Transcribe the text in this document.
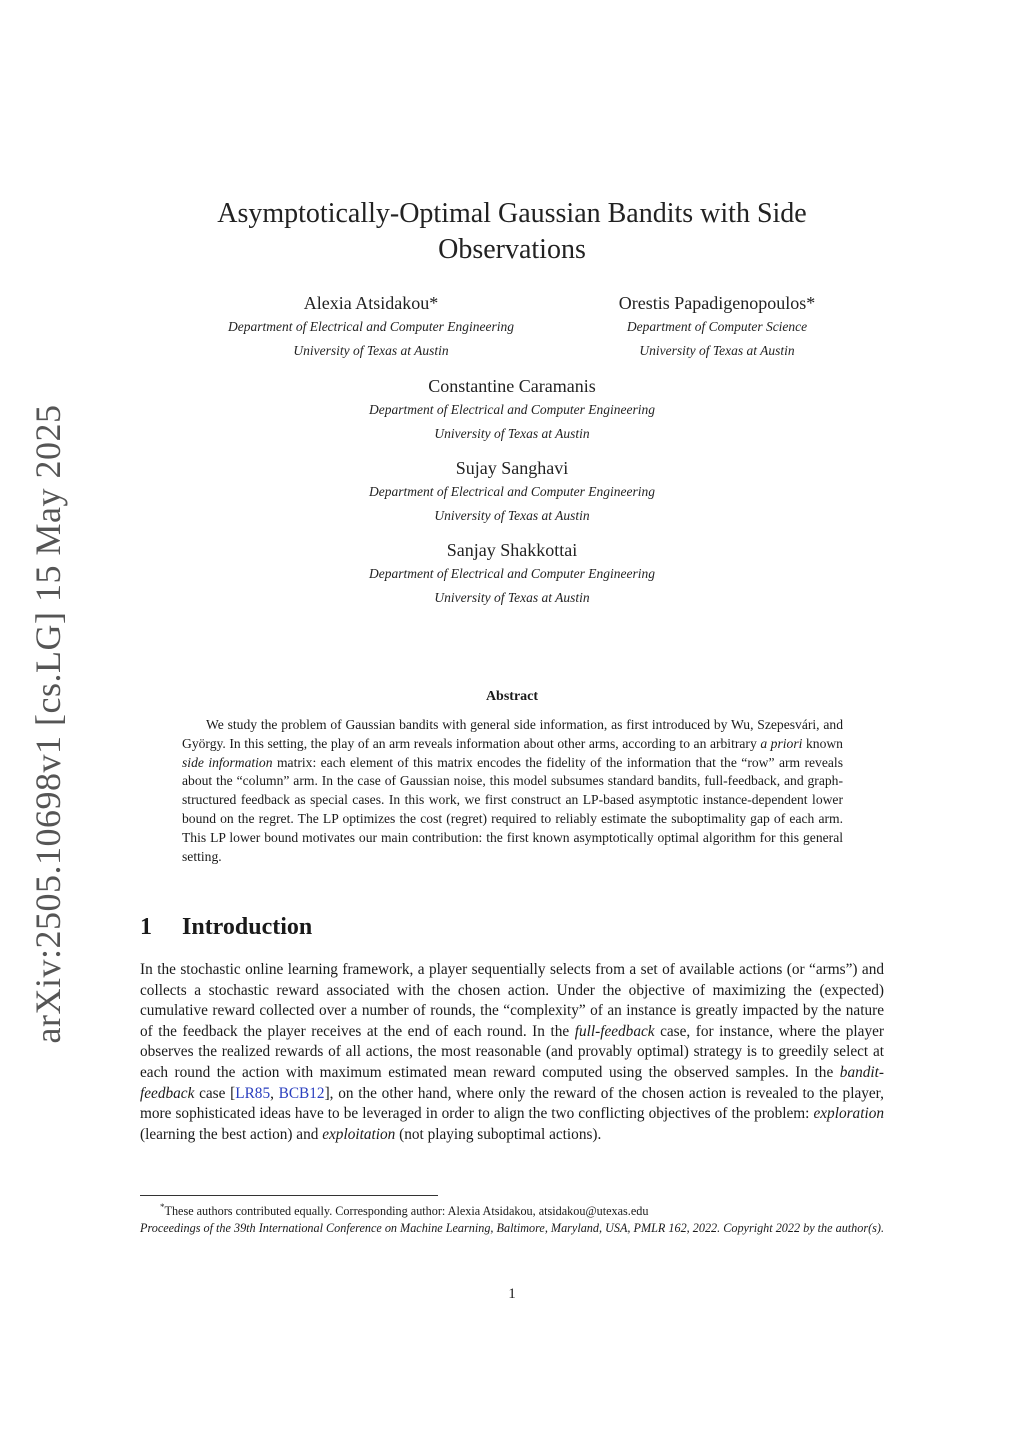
arXiv:2505.10698v1 [cs.LG] 15 May 2025
Asymptotically-Optimal Gaussian Bandits with Side Observations
Alexia Atsidakou*
Department of Electrical and Computer Engineering
University of Texas at Austin
Orestis Papadigenopoulos*
Department of Computer Science
University of Texas at Austin
Constantine Caramanis
Department of Electrical and Computer Engineering
University of Texas at Austin
Sujay Sanghavi
Department of Electrical and Computer Engineering
University of Texas at Austin
Sanjay Shakkottai
Department of Electrical and Computer Engineering
University of Texas at Austin
Abstract

We study the problem of Gaussian bandits with general side information, as first introduced by Wu, Szepesvári, and György. In this setting, the play of an arm reveals information about other arms, according to an arbitrary a priori known side information matrix: each element of this matrix encodes the fidelity of the information that the “row” arm reveals about the “column” arm. In the case of Gaussian noise, this model subsumes standard bandits, full-feedback, and graph-structured feedback as special cases. In this work, we first construct an LP-based asymptotic instance-dependent lower bound on the regret. The LP optimizes the cost (regret) required to reliably estimate the suboptimality gap of each arm. This LP lower bound motivates our main contribution: the first known asymptotically optimal algorithm for this general setting.

1 Introduction

In the stochastic online learning framework, a player sequentially selects from a set of available actions (or “arms”) and collects a stochastic reward associated with the chosen action. Under the objective of maximizing the (expected) cumulative reward collected over a number of rounds, the “complexity” of an instance is greatly impacted by the nature of the feedback the player receives at the end of each round. In the full-feedback case, for instance, where the player observes the realized rewards of all actions, the most reasonable (and provably optimal) strategy is to greedily select at each round the action with maximum estimated mean reward computed using the observed samples. In the bandit-feedback case [LR85, BCB12], on the other hand, where only the reward of the chosen action is revealed to the player, more sophisticated ideas have to be leveraged in order to align the two conflicting objectives of the problem: exploration (learning the best action) and exploitation (not playing suboptimal actions).

*These authors contributed equally. Corresponding author: Alexia Atsidakou, atsidakou@utexas.edu
Proceedings of the 39th International Conference on Machine Learning, Baltimore, Maryland, USA, PMLR 162, 2022. Copyright 2022 by the author(s).
1
